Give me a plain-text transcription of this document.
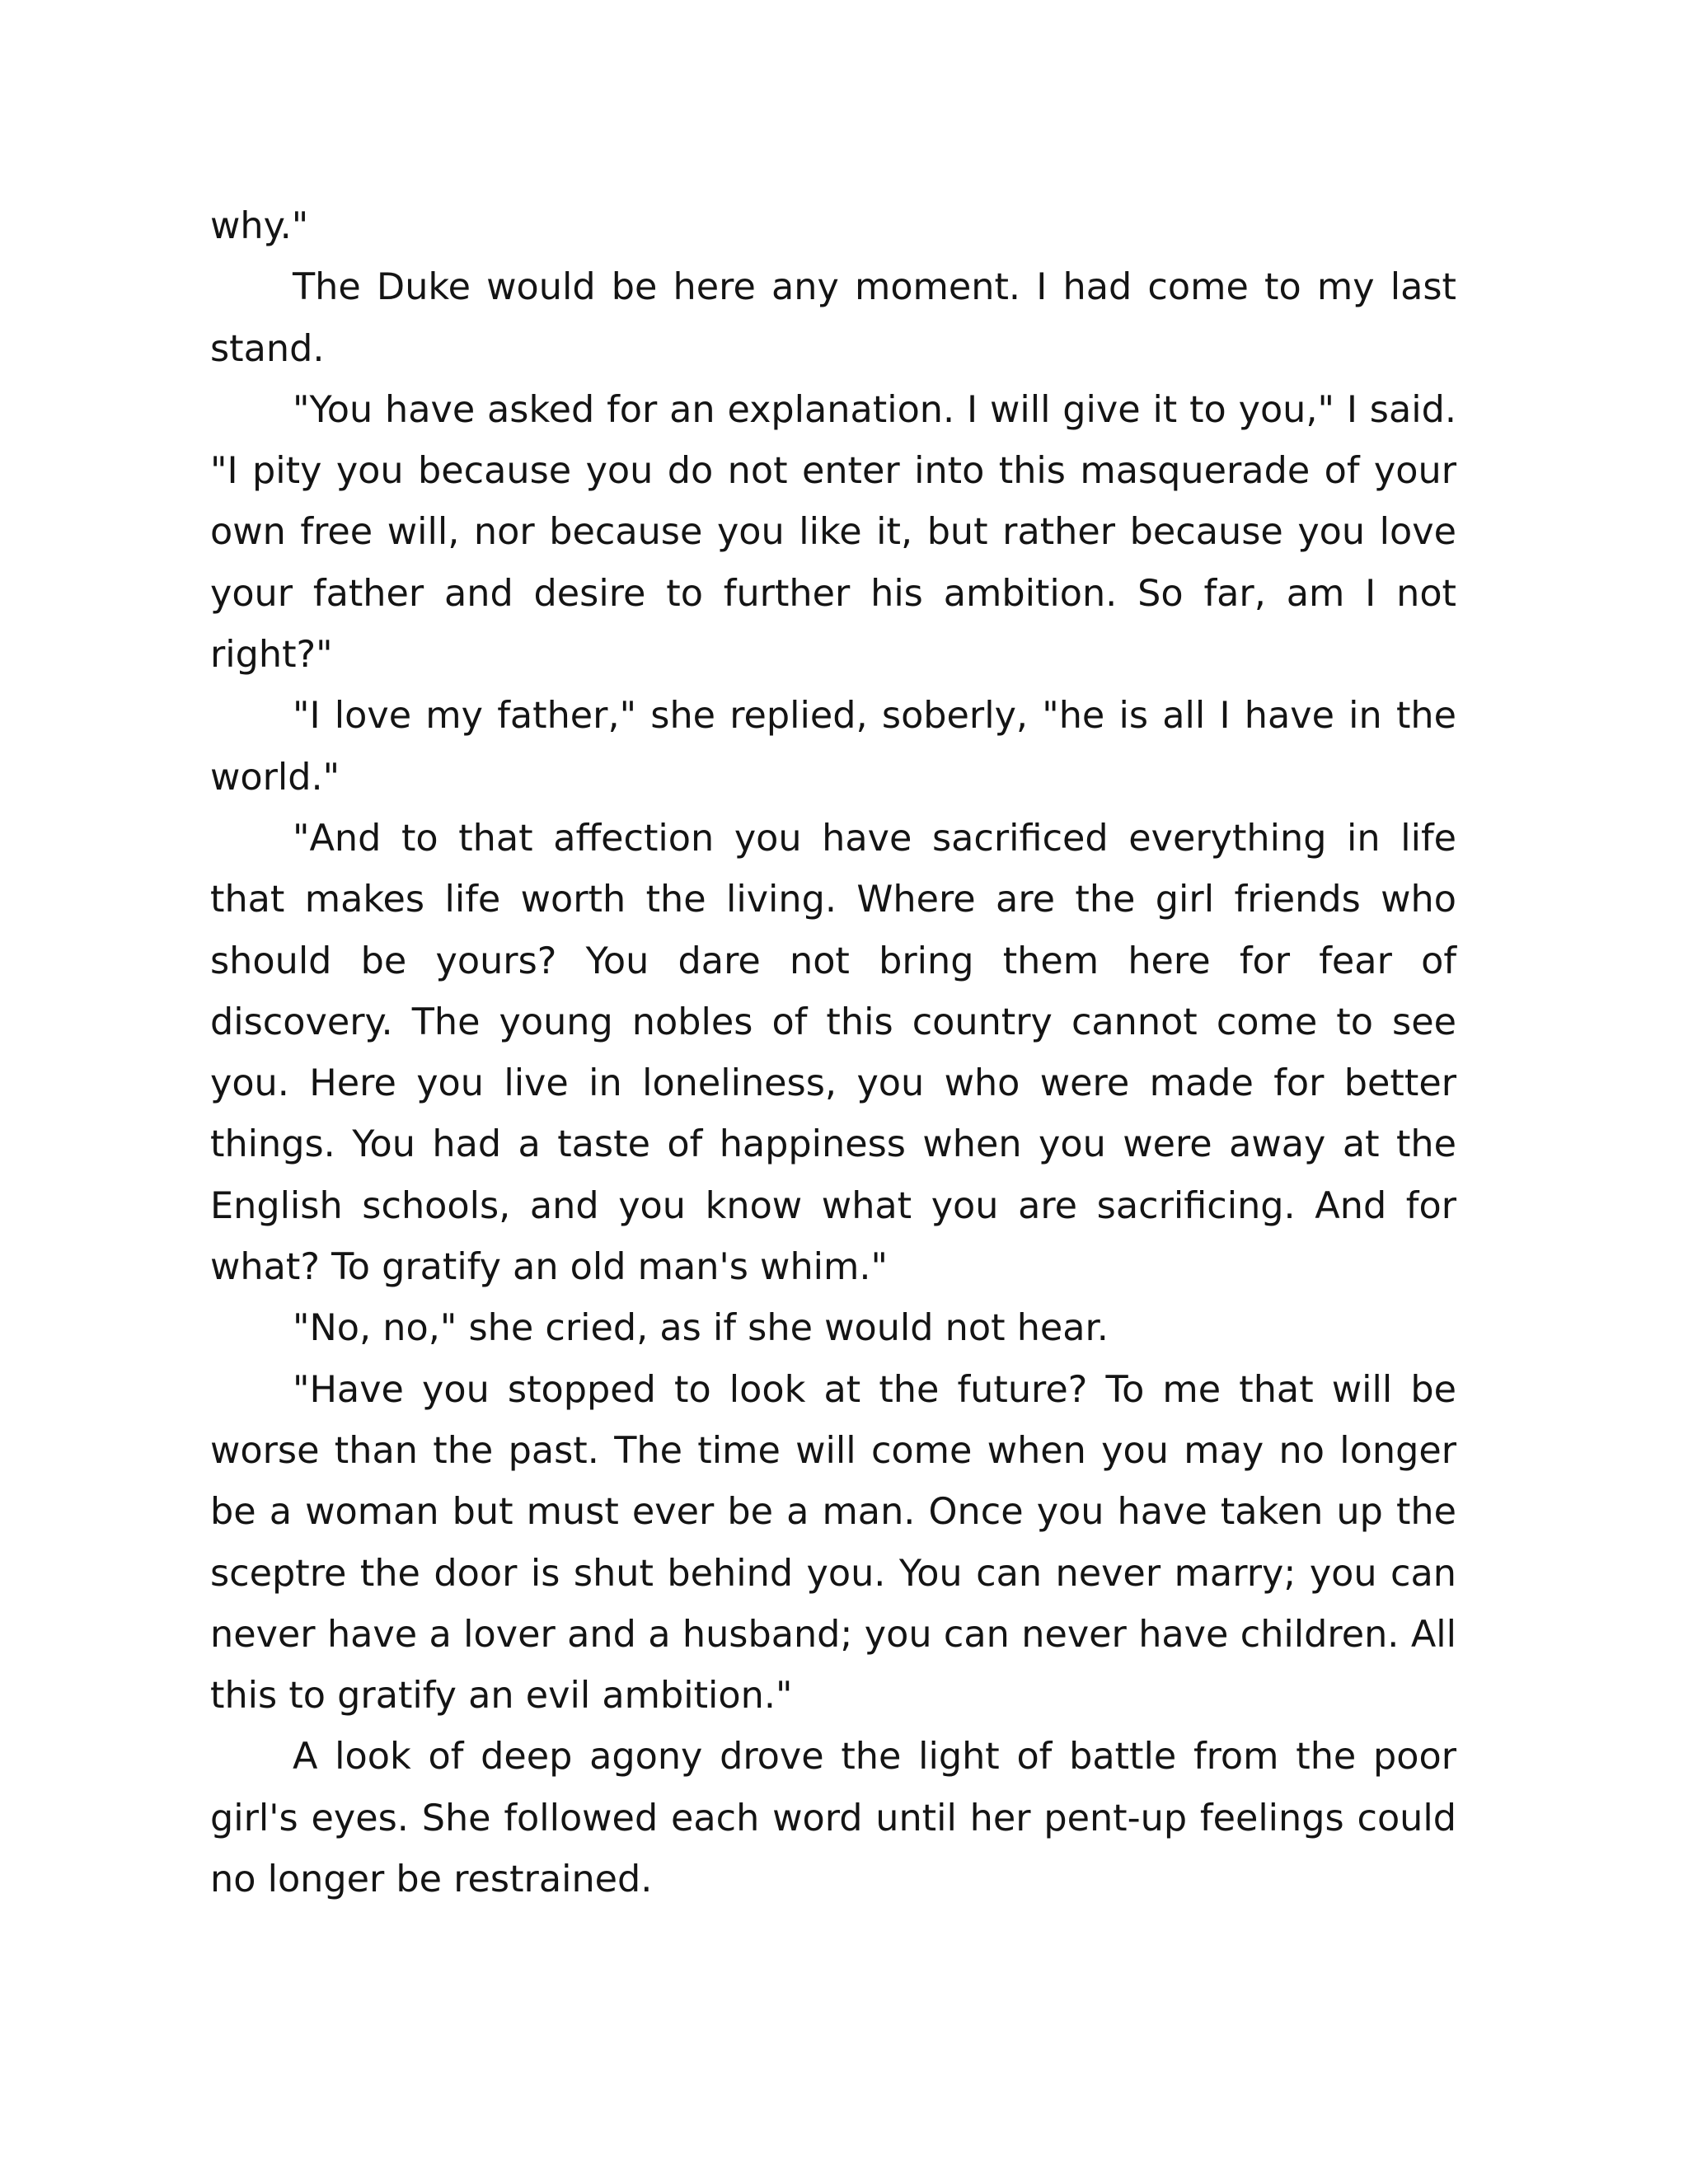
why."

The Duke would be here any moment. I had come to my last stand.

"You have asked for an explanation. I will give it to you," I said. "I pity you because you do not enter into this masquerade of your own free will, nor because you like it, but rather because you love your father and desire to further his ambition. So far, am I not right?"

"I love my father," she replied, soberly, "he is all I have in the world."

"And to that affection you have sacrificed everything in life that makes life worth the living. Where are the girl friends who should be yours? You dare not bring them here for fear of discovery. The young nobles of this country cannot come to see you. Here you live in loneliness, you who were made for better things. You had a taste of happiness when you were away at the English schools, and you know what you are sacrificing. And for what? To gratify an old man's whim."

"No, no," she cried, as if she would not hear.

"Have you stopped to look at the future? To me that will be worse than the past. The time will come when you may no longer be a woman but must ever be a man. Once you have taken up the sceptre the door is shut behind you. You can never marry; you can never have a lover and a husband; you can never have children. All this to gratify an evil ambition."

A look of deep agony drove the light of battle from the poor girl's eyes. She followed each word until her pent-up feelings could no longer be restrained.
